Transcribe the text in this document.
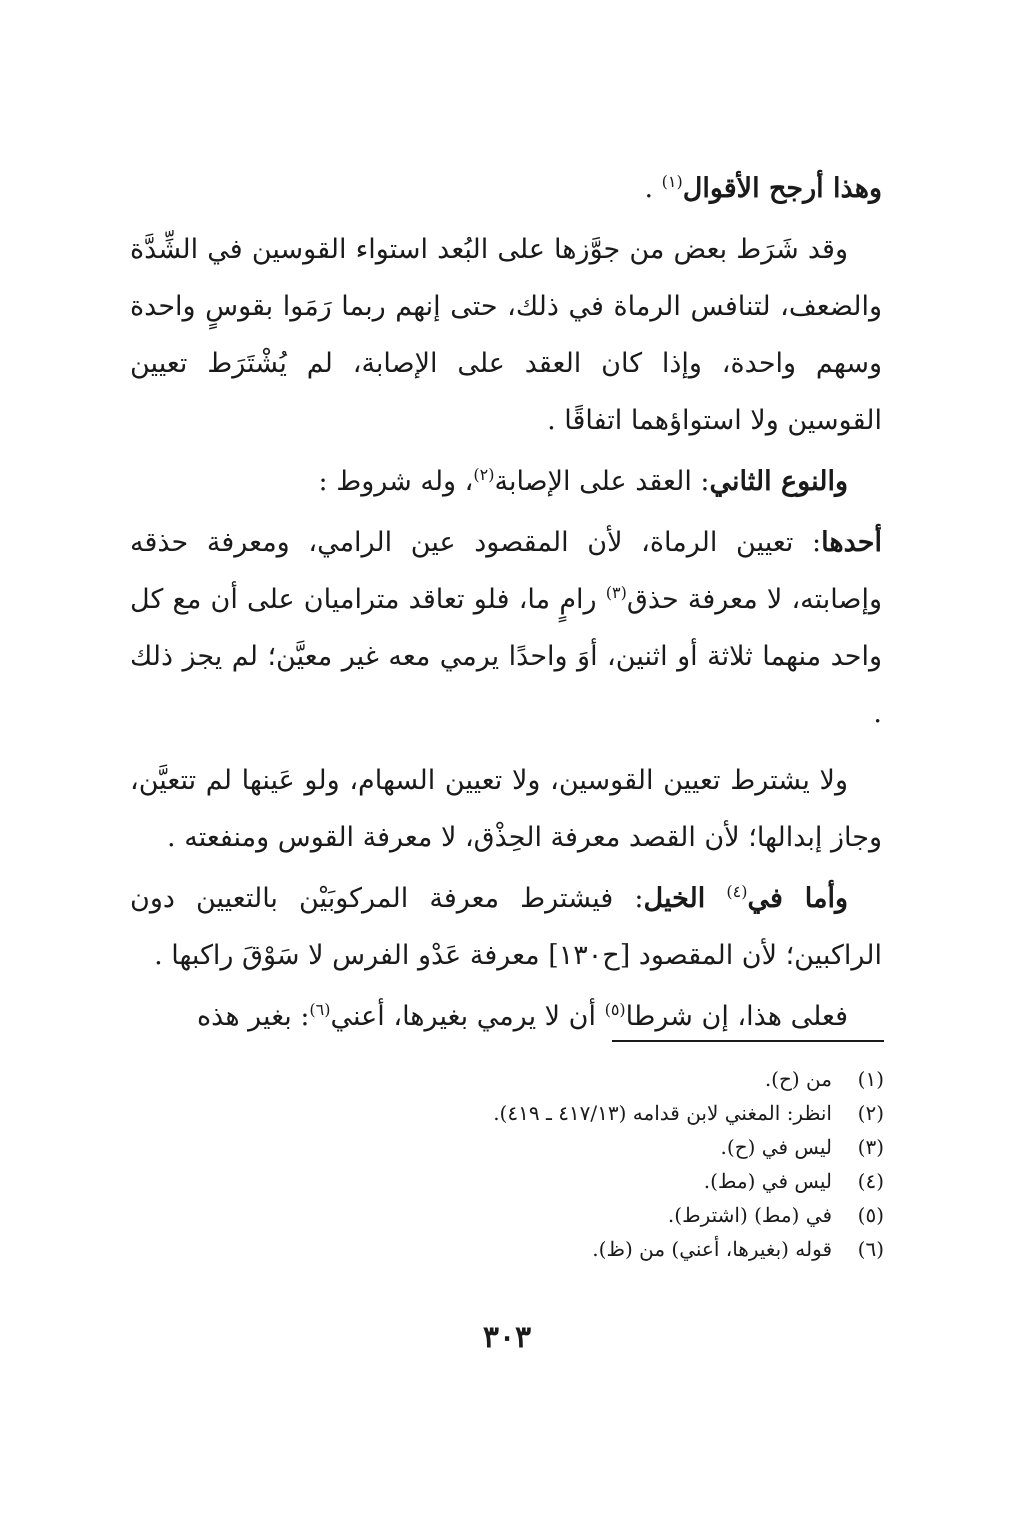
وهذا أرجح الأقوال$^{(١)}$ .

وقد شَرَط بعض من جوَّزها على البُعد استواء القوسين في الشِّدَّة والضعف، لتنافس الرماة في ذلك، حتى إنهم ربما رَمَوا بقوسٍ واحدة وسهم واحدة، وإذا كان العقد على الإصابة، لم يُشْتَرَط تعيين القوسين ولا استواؤهما اتفاقًا .

والنوع الثاني: العقد على الإصابة$^{(٢)}$، وله شروط :

أحدها: تعيين الرماة، لأن المقصود عين الرامي، ومعرفة حذقه وإصابته، لا معرفة حذق$^{(٣)}$ رامٍ ما، فلو تعاقد متراميان على أن مع كل واحد منهما ثلاثة أو اثنين، أوَ واحدًا يرمي معه غير معيَّن؛ لم يجز ذلك .

ولا يشترط تعيين القوسين، ولا تعيين السهام، ولو عَينها لم تتعيَّن، وجاز إبدالها؛ لأن القصد معرفة الحِذْق، لا معرفة القوس ومنفعته .

وأما في$^{(٤)}$ الخيل: فيشترط معرفة المركوبَيْن بالتعيين دون الراكبين؛ لأن المقصود [ح١٣٠] معرفة عَدْو الفرس لا سَوْقَ راكبها .

فعلى هذا، إن شرطا$^{(٥)}$ أن لا يرمي بغيرها، أعني$^{(٦)}$: بغير هذه

(١)
من (ح).
(٢)
انظر: المغني لابن قدامه (٤١٧/١٣ ـ ٤١٩).
(٣)
ليس في (ح).
(٤)
ليس في (مط).
(٥)
في (مط) (اشترط).
(٦)
قوله (بغيرها، أعني) من (ظ).
٣٠٣
